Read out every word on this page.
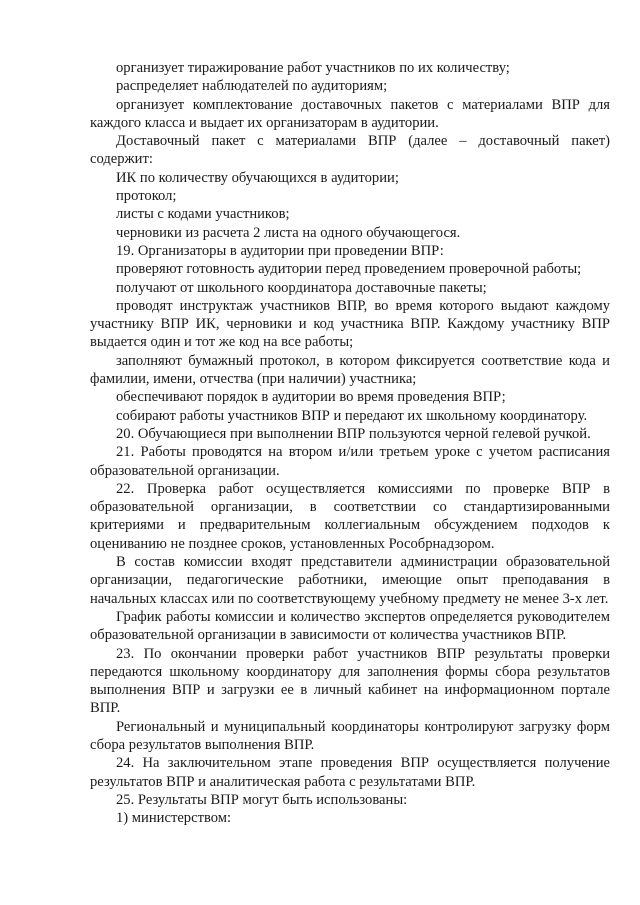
организует тиражирование работ участников по их количеству;

распределяет наблюдателей по аудиториям;

организует комплектование доставочных пакетов с материалами ВПР для каждого класса и выдает их организаторам в аудитории.

Доставочный пакет с материалами ВПР (далее – доставочный пакет) содержит:

ИК по количеству обучающихся в аудитории;

протокол;

листы с кодами участников;

черновики из расчета 2 листа на одного обучающегося.

19. Организаторы в аудитории при проведении ВПР:

проверяют готовность аудитории перед проведением проверочной работы;

получают от школьного координатора доставочные пакеты;

проводят инструктаж участников ВПР, во время которого выдают каждому участнику ВПР ИК, черновики и код участника ВПР. Каждому участнику ВПР выдается один и тот же код на все работы;

заполняют бумажный протокол, в котором фиксируется соответствие кода и фамилии, имени, отчества (при наличии) участника;

обеспечивают порядок в аудитории во время проведения ВПР;

собирают работы участников ВПР и передают их школьному координатору.

20. Обучающиеся при выполнении ВПР пользуются черной гелевой ручкой.

21. Работы проводятся на втором и/или третьем уроке с учетом расписания образовательной организации.

22. Проверка работ осуществляется комиссиями по проверке ВПР в образовательной организации, в соответствии со стандартизированными критериями и предварительным коллегиальным обсуждением подходов к оцениванию не позднее сроков, установленных Рособрнадзором.

В состав комиссии входят представители администрации образовательной организации, педагогические работники, имеющие опыт преподавания в начальных классах или по соответствующему учебному предмету не менее 3-х лет.

График работы комиссии и количество экспертов определяется руководителем образовательной организации в зависимости от количества участников ВПР.

23. По окончании проверки работ участников ВПР результаты проверки передаются школьному координатору для заполнения формы сбора результатов выполнения ВПР и загрузки ее в личный кабинет на информационном портале ВПР.

Региональный и муниципальный координаторы контролируют загрузку форм сбора результатов выполнения ВПР.

24. На заключительном этапе проведения ВПР осуществляется получение результатов ВПР и аналитическая работа с результатами ВПР.

25. Результаты ВПР могут быть использованы:

1) министерством:
